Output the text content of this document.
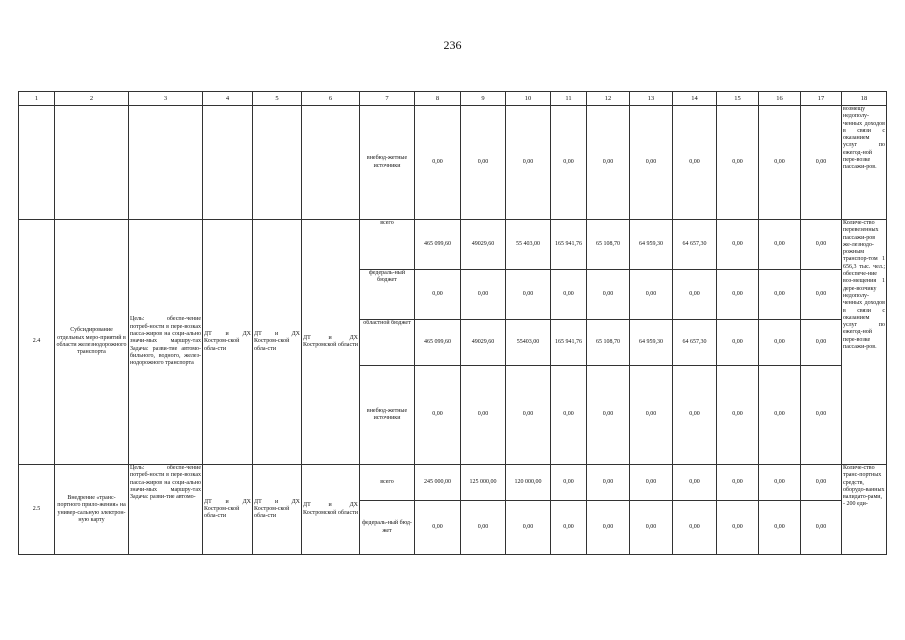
236
1	2	3	4	5	6	7	8	9	10	11	12	13	14	15	16	17	18
						внебюд-жетные источники	0,00	0,00	0,00	0,00	0,00	0,00	0,00	0,00	0,00	0,00	возмещу недополу-ченных доходов в связи с оказанием услуг по ежегод-ной пере-возке пассажи-ров.
2.4	Субсидирование отдельных меро-приятий в области железнодорожного транспорта	Цель: обеспе-чение потреб-ности в пере-возках пасса-жиров на соци-ально значи-мых маршру-тах Задача: разви-тие автомо-бильного, водного, желез-нодорожного транспорта	ДТ и ДХ Костром-ской обла-сти	ДТ и ДХ Костром-ской обла-сти	ДТ и ДХ Костромской области	всего	465 099,60	49029,60	55 403,00	165 941,76	65 108,70	64 959,30	64 657,30	0,00	0,00	0,00	Количе-ство перевезенных пассажи-ров же-лезнодо-рожным транспор-том 1 656,3 тыс. чел.; обеспече-ние воз-мещения 1 дере-возчику недополу-ченных доходов в связи с оказанием услуг по ежегод-ной пере-возке пассажи-ров.
						федераль-ный бюджет	0,00	0,00	0,00	0,00	0,00	0,00	0,00	0,00	0,00	0,00	
						областной бюджет	465 099,60	49029,60	55403,00	165 941,76	65 108,70	64 959,30	64 657,30	0,00	0,00	0,00	
						внебюд-жетные источники	0,00	0,00	0,00	0,00	0,00	0,00	0,00	0,00	0,00	0,00	
2.5	Внедрение «транс-портного прило-жения» на универ-сальную электрон-ную карту	Цель: обеспе-чение потреб-ности в пере-возках пасса-жиров на соци-ально значи-мых маршру-тах Задача: разви-тие автомо-	ДТ и ДХ Костром-ской обла-сти	ДТ и ДХ Костром-ской обла-сти	ДТ и ДХ Костромской области	всего	245 000,00	125 000,00	120 000,00	0,00	0,00	0,00	0,00	0,00	0,00	0,00	Количе-ство транс-портных средств, оборудо-ванных валидато-рами, - 200 еди-
						федераль-ный бюд-жет	0,00	0,00	0,00	0,00	0,00	0,00	0,00	0,00	0,00	0,00	
